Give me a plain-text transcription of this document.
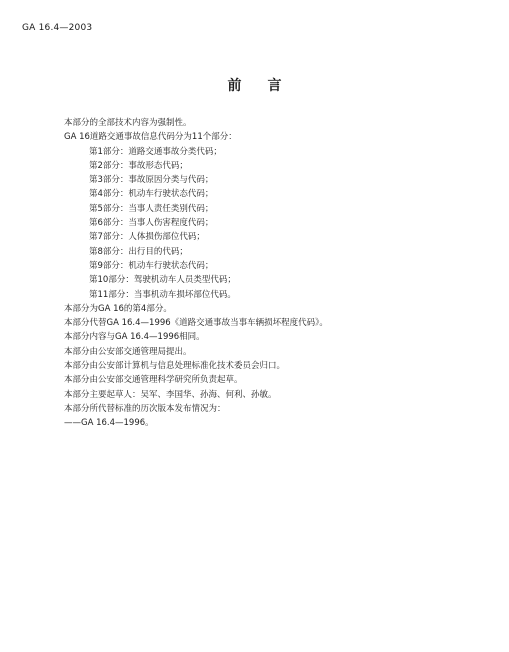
GA 16.4—2003
前言
本部分的全部技术内容为强制性。
GA 16道路交通事故信息代码分为11个部分：
第1部分：道路交通事故分类代码；
第2部分：事故形态代码；
第3部分：事故原因分类与代码；
第4部分：机动车行驶状态代码；
第5部分：当事人责任类别代码；
第6部分：当事人伤害程度代码；
第7部分：人体损伤部位代码；
第8部分：出行目的代码；
第9部分：机动车行驶状态代码；
第10部分：驾驶机动车人员类型代码；
第11部分：当事机动车损坏部位代码。
本部分为GA 16的第4部分。
本部分代替GA 16.4—1996《道路交通事故当事车辆损坏程度代码》。
本部分内容与GA 16.4—1996相同。
本部分由公安部交通管理局提出。
本部分由公安部计算机与信息处理标准化技术委员会归口。
本部分由公安部交通管理科学研究所负责起草。
本部分主要起草人：吴军、李国华、孙海、何利、孙敏。
本部分所代替标准的历次版本发布情况为：
——GA 16.4—1996。
